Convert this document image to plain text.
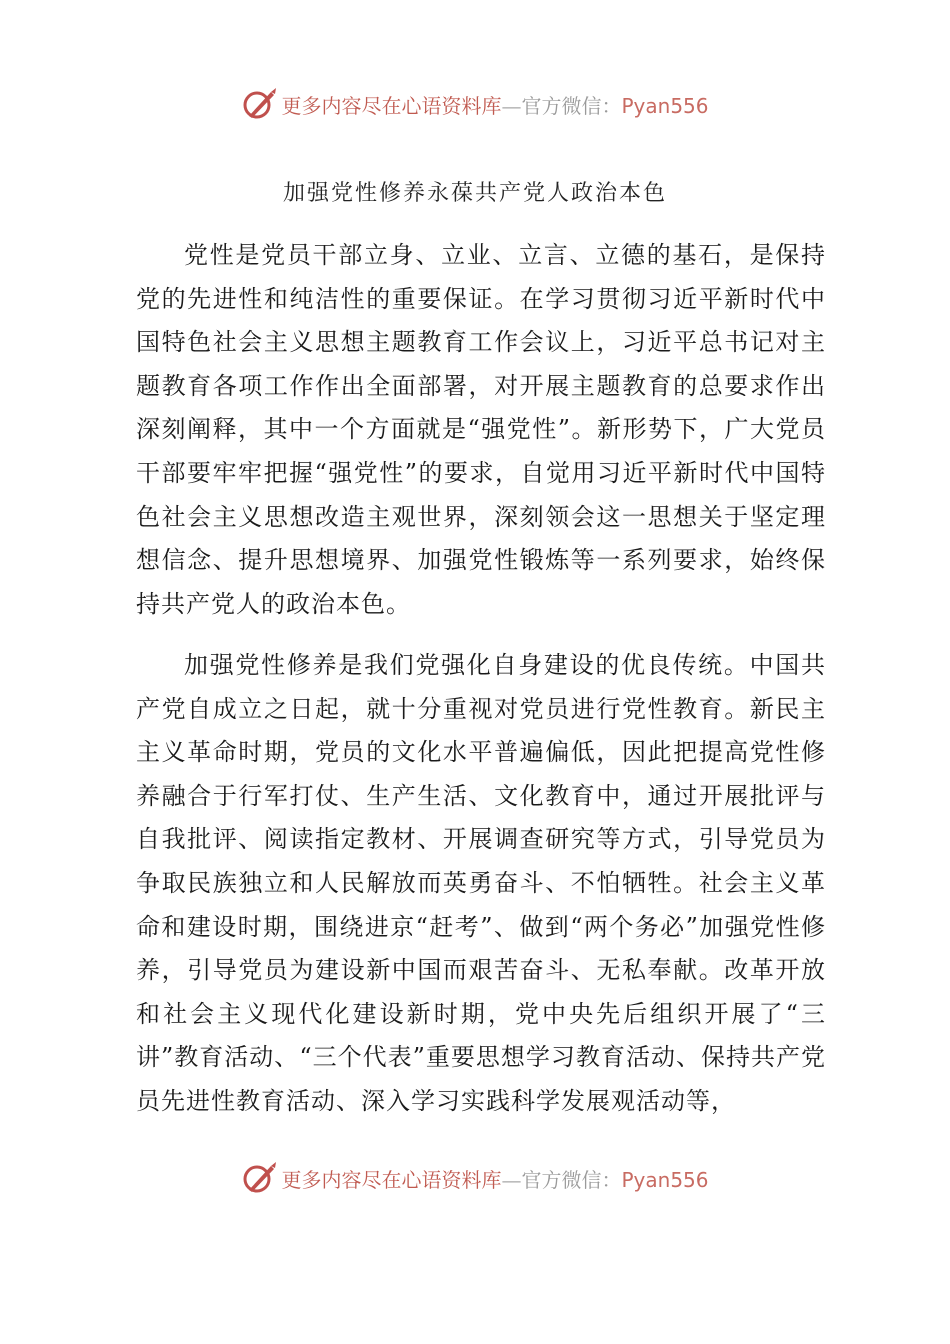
更多内容尽在心语资料库—官方微信：Pyan556
加强党性修养永葆共产党人政治本色

党性是党员干部立身、立业、立言、立德的基石，是保持党的先进性和纯洁性的重要保证。在学习贯彻习近平新时代中国特色社会主义思想主题教育工作会议上，习近平总书记对主题教育各项工作作出全面部署，对开展主题教育的总要求作出深刻阐释，其中一个方面就是“强党性”。新形势下，广大党员干部要牢牢把握“强党性”的要求，自觉用习近平新时代中国特色社会主义思想改造主观世界，深刻领会这一思想关于坚定理想信念、提升思想境界、加强党性锻炼等一系列要求，始终保持共产党人的政治本色。

加强党性修养是我们党强化自身建设的优良传统。中国共产党自成立之日起，就十分重视对党员进行党性教育。新民主主义革命时期，党员的文化水平普遍偏低，因此把提高党性修养融合于行军打仗、生产生活、文化教育中，通过开展批评与自我批评、阅读指定教材、开展调查研究等方式，引导党员为争取民族独立和人民解放而英勇奋斗、不怕牺牲。社会主义革命和建设时期，围绕进京“赶考”、做到“两个务必”加强党性修养，引导党员为建设新中国而艰苦奋斗、无私奉献。改革开放和社会主义现代化建设新时期，党中央先后组织开展了“三讲”教育活动、“三个代表”重要思想学习教育活动、保持共产党员先进性教育活动、深入学习实践科学发展观活动等，

更多内容尽在心语资料库—官方微信：Pyan556
